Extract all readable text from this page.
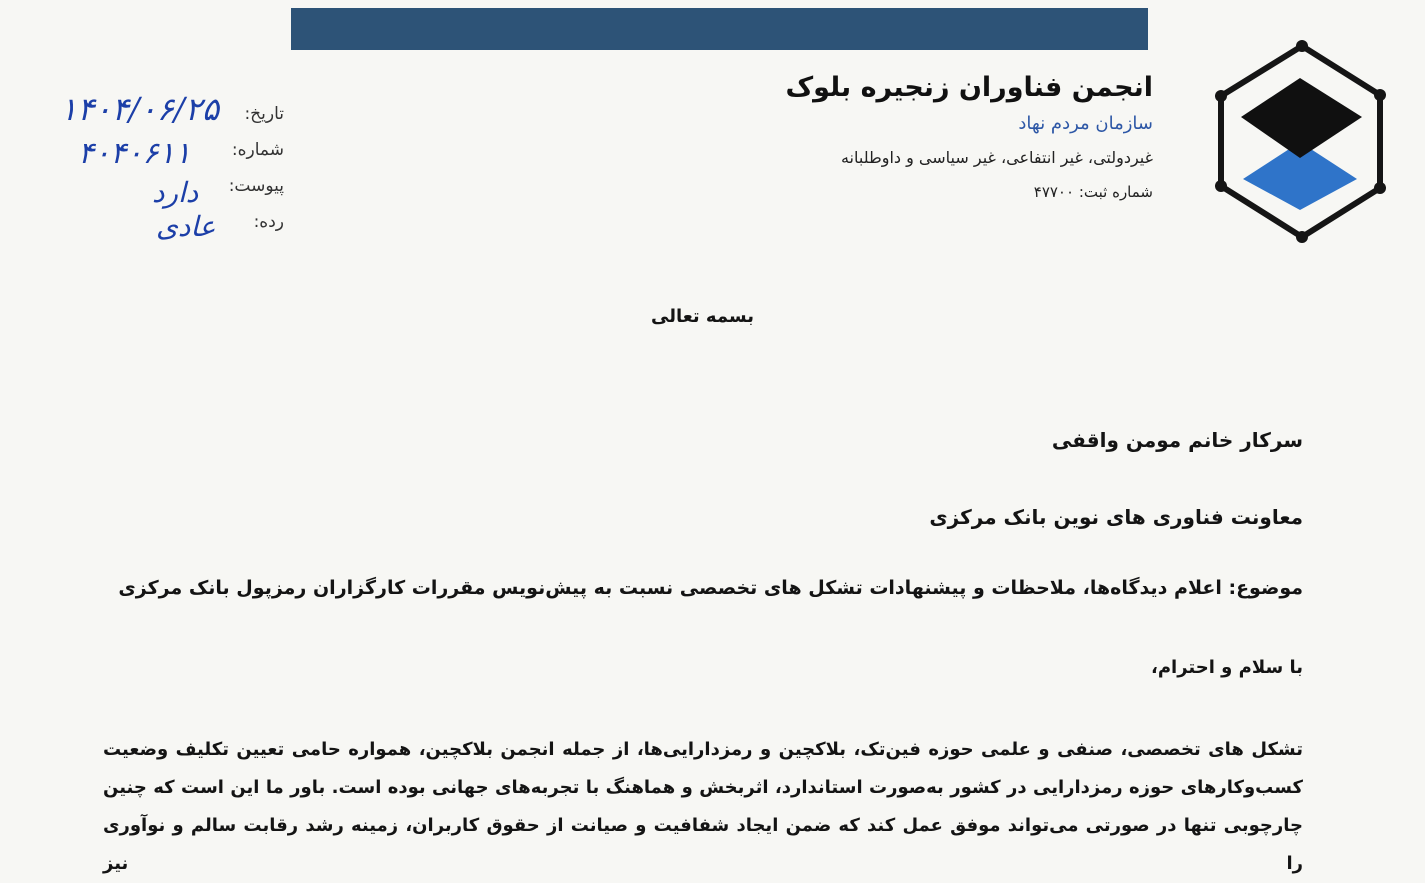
انجمن فناوران زنجیره بلوک
سازمان مردم نهاد
غیردولتی، غیر انتفاعی، غیر سیاسی و داوطلبانه
شماره ثبت: ۴۷۷۰۰
تاریخ:
شماره:
پیوست:
رده:
۱۴۰۴/۰۶/۲۵
۴۰۴۰۶۱۱
دارد
عادی
بسمه تعالی
سرکار خانم مومن واقفی
معاونت فناوری های نوین بانک مرکزی
موضوع: اعلام دیدگاه‌ها، ملاحظات و پیشنهادات تشکل های تخصصی نسبت به پیش‌نویس مقررات کارگزاران رمزپول بانک مرکزی
با سلام و احترام،
تشکل های تخصصی، صنفی و علمی حوزه فین‌تک، بلاکچین و رمزدارایی‌ها، از جمله انجمن بلاکچین، همواره حامی تعیین تکلیف وضعیت
کسب‌وکارهای حوزه رمزدارایی در کشور به‌صورت استاندارد، اثربخش و هماهنگ با تجربه‌های جهانی بوده است. باور ما این است که چنین
چارچوبی تنها در صورتی می‌تواند موفق عمل کند که ضمن ایجاد شفافیت و صیانت از حقوق کاربران، زمینه رشد رقابت سالم و نوآوری را نیز
